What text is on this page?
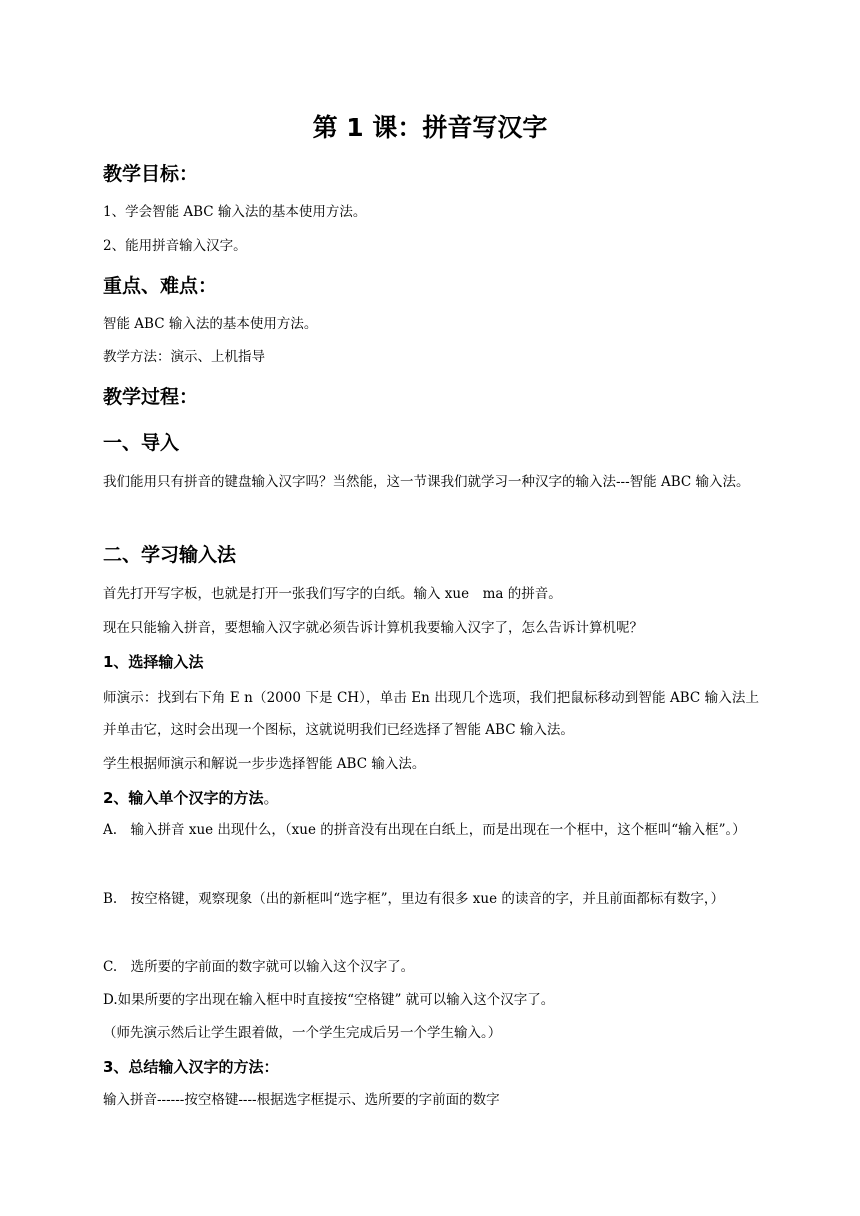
第 1 课：拼音写汉字
教学目标：

1、学会智能 ABC 输入法的基本使用方法。

2、能用拼音输入汉字。

重点、难点：

智能 ABC 输入法的基本使用方法。

教学方法：演示、上机指导

教学过程：
一、导入

我们能用只有拼音的键盘输入汉字吗？当然能，这一节课我们就学习一种汉字的输入法---智能 ABC 输入法。

二、学习输入法

首先打开写字板，也就是打开一张我们写字的白纸。输入 xue　ma 的拼音。

现在只能输入拼音，要想输入汉字就必须告诉计算机我要输入汉字了，怎么告诉计算机呢？

1、选择输入法

师演示：找到右下角 E n（2000 下是 CH），单击 En 出现几个选项，我们把鼠标移动到智能 ABC 输入法上并单击它，这时会出现一个图标，这就说明我们已经选择了智能 ABC 输入法。

学生根据师演示和解说一步步选择智能 ABC 输入法。

2、输入单个汉字的方法。

A.　输入拼音 xue 出现什么，（xue 的拼音没有出现在白纸上，而是出现在一个框中，这个框叫“输入框”。）

B.　按空格键，观察现象（出的新框叫“选字框”，里边有很多 xue 的读音的字，并且前面都标有数字，）

C.　选所要的字前面的数字就可以输入这个汉字了。

D.如果所要的字出现在输入框中时直接按“空格键” 就可以输入这个汉字了。

（师先演示然后让学生跟着做，一个学生完成后另一个学生输入。）

3、总结输入汉字的方法：

输入拼音------按空格键----根据选字框提示、选所要的字前面的数字
